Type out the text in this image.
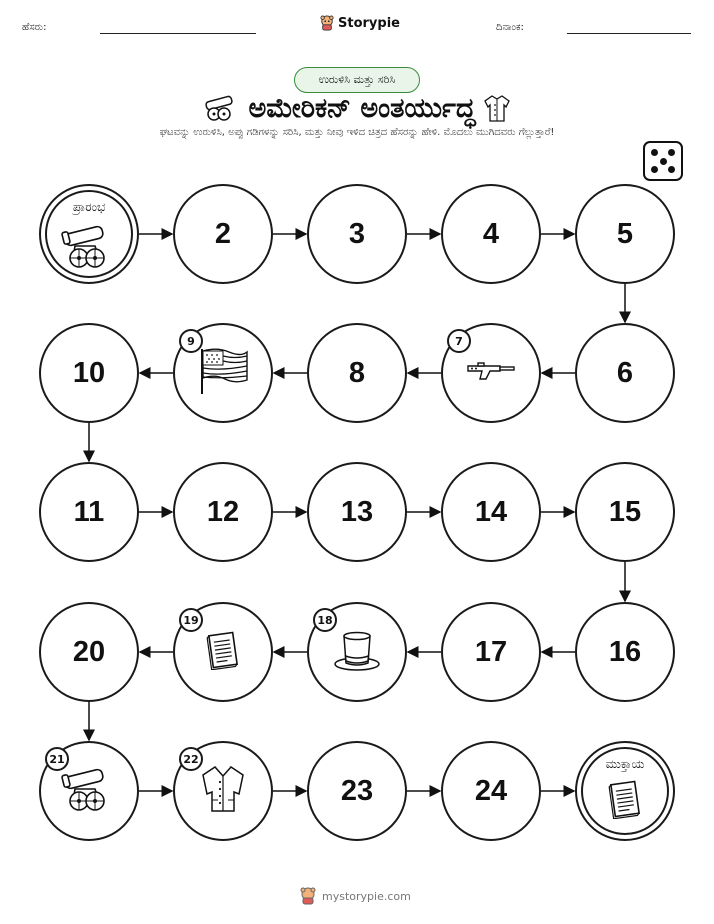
ಹೆಸರು:	Storypie	ದಿನಾಂಕ:
ಉರುಳಿಸಿ ಮತ್ತು ಸರಿಸಿ
ಅಮೇರಿಕನ್ ಅಂತರ್ಯುದ್ಧ
ಘಟವನ್ನು ಉರುಳಿಸಿ, ಅಪ್ಪು ಗಡಿಗಳನ್ನು ಸರಿಸಿ, ಮತ್ತು ನೀವು ಇಳಿದ ಚಿತ್ರದ ಹೆಸರನ್ನು ಹೇಳಿ. ಮೊದಲು ಮುಗಿದವರು ಗೆಲ್ಲುತ್ತಾರೆ!
ಪ್ರಾರಂಭ
2	3	4	5
6
7
8
9
10
11	12	13	14	15
16
17
18
19
20
21	22
23	24
ಮುಕ್ತಾಯ
mystorypie.com
